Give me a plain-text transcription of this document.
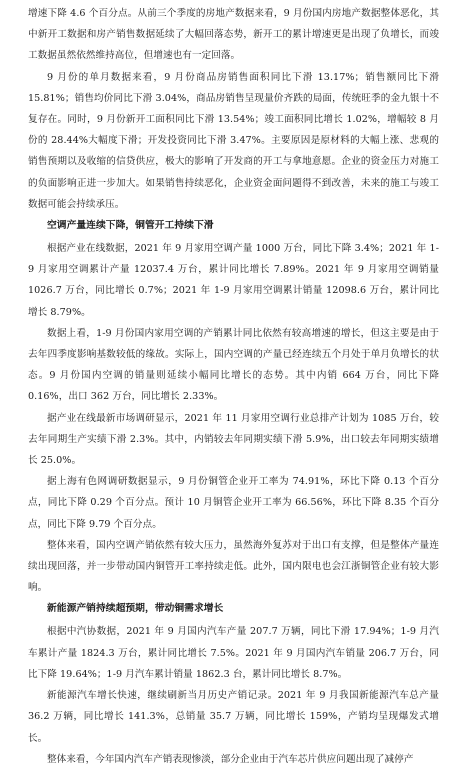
增速下降 4.6 个百分点。从前三个季度的房地产数据来看，9 月份国内房地产数据整体恶化，其中新开工数据和房产销售数据延续了大幅回落态势，新开工的累计增速更是出现了负增长，而竣工数据虽然依然维持高位，但增速也有一定回落。

9 月份的单月数据来看，9 月份商品房销售面积同比下滑 13.17%；销售额同比下滑 15.81%；销售均价同比下滑 3.04%，商品房销售呈现量价齐跌的局面，传统旺季的金九银十不复存在。同时，9 月份新开工面积同比下滑 13.54%；竣工面积同比增长 1.02%，增幅较 8 月份的 28.44%大幅度下滑；开发投资同比下滑 3.47%。主要原因是原材料的大幅上涨、悲观的销售预期以及收缩的信贷供应，极大的影响了开发商的开工与拿地意愿。企业的资金压力对施工的负面影响正进一步加大。如果销售持续恶化，企业资金面问题得不到改善，未来的施工与竣工数据可能会持续承压。

空调产量连续下降，铜管开工持续下滑

根据产业在线数据，2021 年 9 月家用空调产量 1000 万台，同比下降 3.4%；2021 年 1-9 月家用空调累计产量 12037.4 万台，累计同比增长 7.89%。2021 年 9 月家用空调销量 1026.7 万台，同比增长 0.7%；2021 年 1-9 月家用空调累计销量 12098.6 万台，累计同比增长 8.79%。

数据上看，1-9 月份国内家用空调的产销累计同比依然有较高增速的增长，但这主要是由于去年四季度影响基数较低的缘故。实际上，国内空调的产量已经连续五个月处于单月负增长的状态。9 月份国内空调的销量则延续小幅同比增长的态势。其中内销 664 万台，同比下降 0.16%，出口 362 万台，同比增长 2.33%。

据产业在线最新市场调研显示，2021 年 11 月家用空调行业总排产计划为 1085 万台，较去年同期生产实绩下滑 2.3%。其中，内销较去年同期实绩下滑 5.9%，出口较去年同期实绩增长 25.0%。

据上海有色网调研数据显示，9 月份铜管企业开工率为 74.91%，环比下降 0.13 个百分点，同比下降 0.29 个百分点。预计 10 月铜管企业开工率为 66.56%，环比下降 8.35 个百分点，同比下降 9.79 个百分点。

整体来看，国内空调产销依然有较大压力，虽然海外复苏对于出口有支撑，但是整体产量连续出现回落，并一步带动国内铜管开工率持续走低。此外，国内限电也会江浙铜管企业有较大影响。

新能源产销持续超预期，带动铜需求增长

根据中汽协数据，2021 年 9 月国内汽车产量 207.7 万辆，同比下滑 17.94%；1-9 月汽车累计产量 1824.3 万台，累计同比增长 7.5%。2021 年 9 月国内汽车销量 206.7 万台，同比下降 19.64%；1-9 月汽车累计销量 1862.3 台，累计同比增长 8.7%。

新能源汽车增长快速，继续刷新当月历史产销记录。2021 年 9 月我国新能源汽车总产量 36.2 万辆，同比增长 141.3%，总销量 35.7 万辆，同比增长 159%，产销均呈现爆发式增长。

整体来看，今年国内汽车产销表现惨淡，部分企业由于汽车芯片供应问题出现了减停产
